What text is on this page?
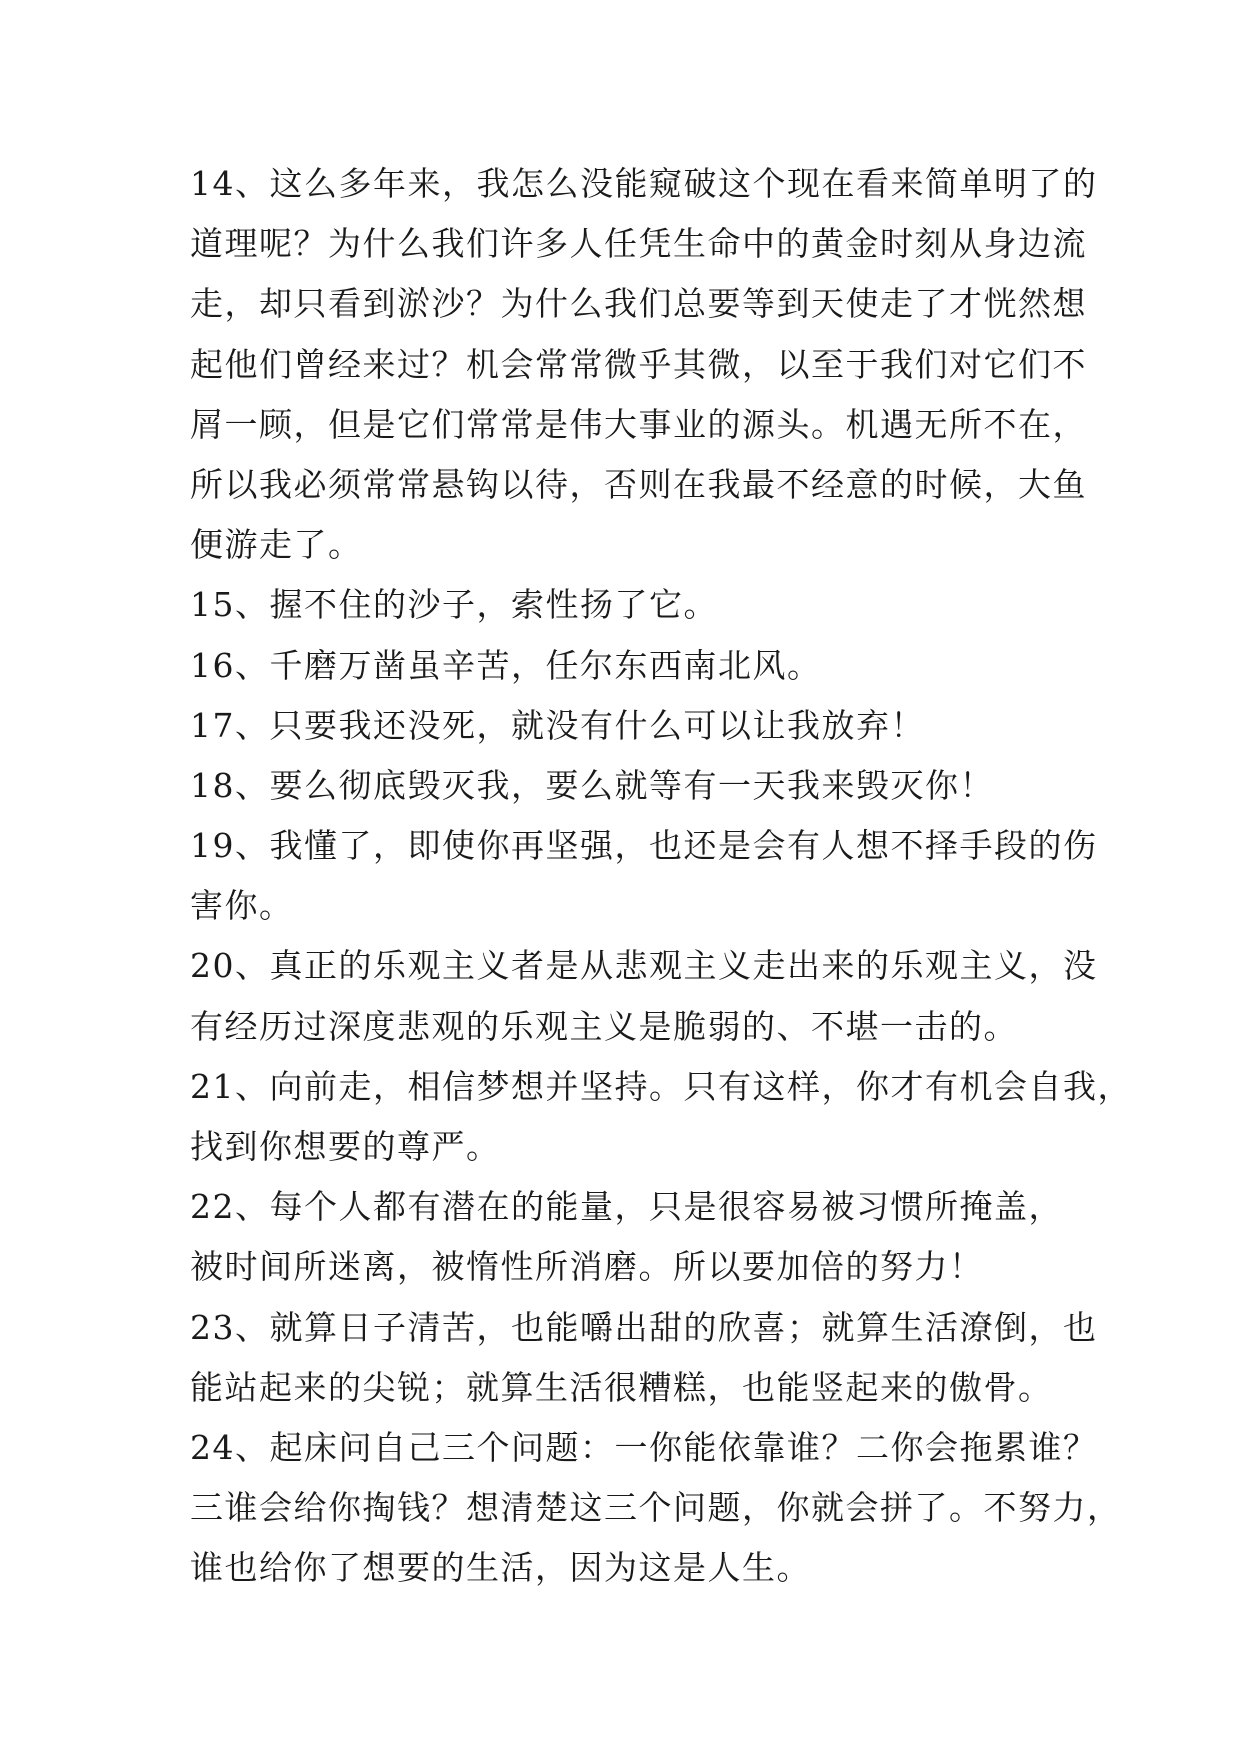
14、这么多年来，我怎么没能窥破这个现在看来简单明了的
道理呢？为什么我们许多人任凭生命中的黄金时刻从身边流
走，却只看到淤沙？为什么我们总要等到天使走了才恍然想
起他们曾经来过？机会常常微乎其微，以至于我们对它们不
屑一顾，但是它们常常是伟大事业的源头。机遇无所不在，
所以我必须常常悬钩以待，否则在我最不经意的时候，大鱼
便游走了。
15、握不住的沙子，索性扬了它。
16、千磨万凿虽辛苦，任尔东西南北风。
17、只要我还没死，就没有什么可以让我放弃！
18、要么彻底毁灭我，要么就等有一天我来毁灭你！
19、我懂了，即使你再坚强，也还是会有人想不择手段的伤
害你。
20、真正的乐观主义者是从悲观主义走出来的乐观主义，没
有经历过深度悲观的乐观主义是脆弱的、不堪一击的。
21、向前走，相信梦想并坚持。只有这样，你才有机会自我，
找到你想要的尊严。
22、每个人都有潜在的能量，只是很容易被习惯所掩盖，
被时间所迷离，被惰性所消磨。所以要加倍的努力！
23、就算日子清苦，也能嚼出甜的欣喜；就算生活潦倒，也
能站起来的尖锐；就算生活很糟糕，也能竖起来的傲骨。
24、起床问自己三个问题：一你能依靠谁？二你会拖累谁？
三谁会给你掏钱？想清楚这三个问题，你就会拼了。不努力，
谁也给你了想要的生活，因为这是人生。
